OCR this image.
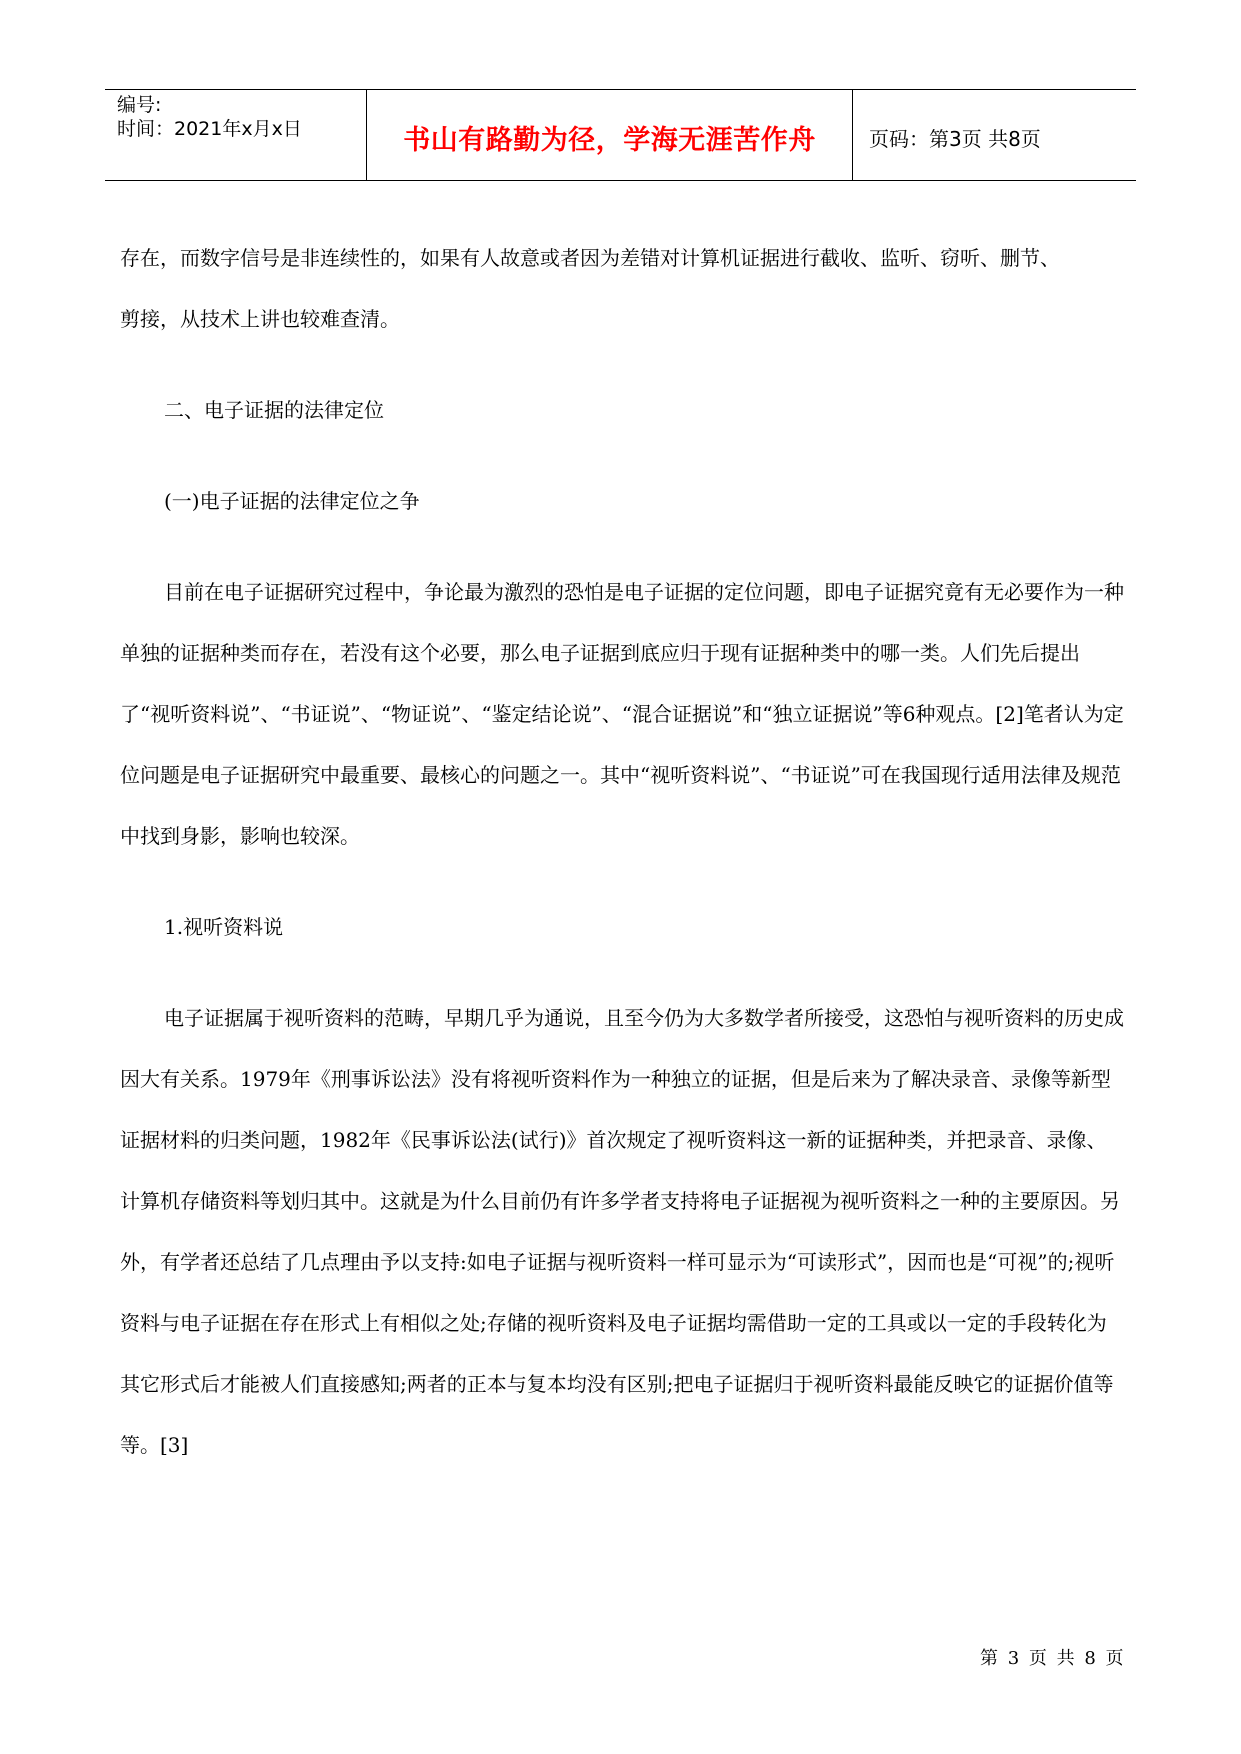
编号:
时间：2021年x月x日	书山有路勤为径，学海无涯苦作舟	页码：第3页 共8页

存在，而数字信号是非连续性的，如果有人故意或者因为差错对计算机证据进行截收、监听、窃听、删节、

剪接，从技术上讲也较难查清。

二、电子证据的法律定位

(一)电子证据的法律定位之争

目前在电子证据研究过程中，争论最为激烈的恐怕是电子证据的定位问题，即电子证据究竟有无必要作为一种单独的证据种类而存在，若没有这个必要，那么电子证据到底应归于现有证据种类中的哪一类。人们先后提出了“视听资料说”、“书证说”、“物证说”、“鉴定结论说”、“混合证据说”和“独立证据说”等6种观点。[2]笔者认为定位问题是电子证据研究中最重要、最核心的问题之一。其中“视听资料说”、“书证说”可在我国现行适用法律及规范中找到身影，影响也较深。

1.视听资料说

电子证据属于视听资料的范畴，早期几乎为通说，且至今仍为大多数学者所接受，这恐怕与视听资料的历史成因大有关系。1979年《刑事诉讼法》没有将视听资料作为一种独立的证据，但是后来为了解决录音、录像等新型证据材料的归类问题，1982年《民事诉讼法(试行)》首次规定了视听资料这一新的证据种类，并把录音、录像、计算机存储资料等划归其中。这就是为什么目前仍有许多学者支持将电子证据视为视听资料之一种的主要原因。另外，有学者还总结了几点理由予以支持:如电子证据与视听资料一样可显示为“可读形式”，因而也是“可视”的;视听资料与电子证据在存在形式上有相似之处;存储的视听资料及电子证据均需借助一定的工具或以一定的手段转化为其它形式后才能被人们直接感知;两者的正本与复本均没有区别;把电子证据归于视听资料最能反映它的证据价值等等。[3]

第 3 页 共 8 页
